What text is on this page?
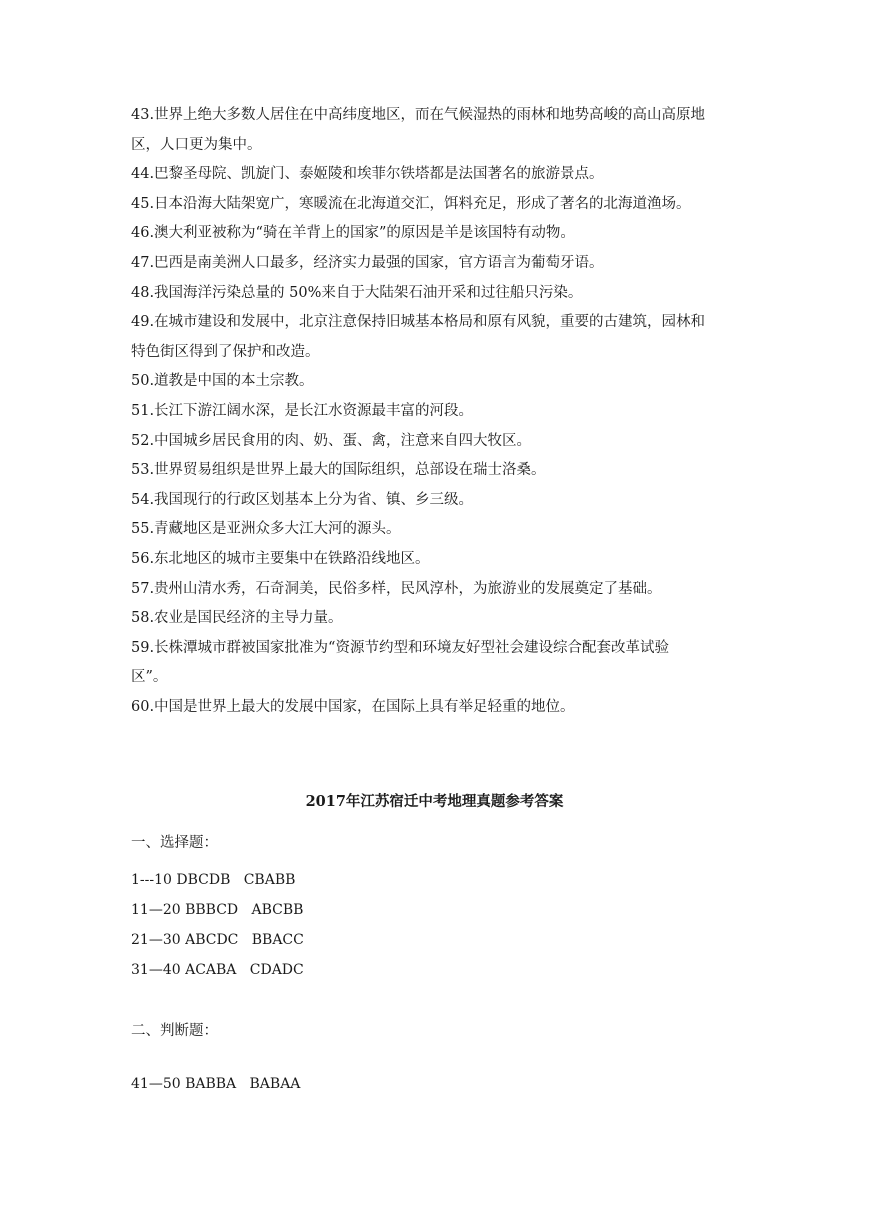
43.世界上绝大多数人居住在中高纬度地区，而在气候湿热的雨林和地势高峻的高山高原地

区，人口更为集中。

44.巴黎圣母院、凯旋门、泰姬陵和埃菲尔铁塔都是法国著名的旅游景点。

45.日本沿海大陆架宽广，寒暖流在北海道交汇，饵料充足，形成了著名的北海道渔场。

46.澳大利亚被称为“骑在羊背上的国家”的原因是羊是该国特有动物。

47.巴西是南美洲人口最多，经济实力最强的国家，官方语言为葡萄牙语。

48.我国海洋污染总量的 50%来自于大陆架石油开采和过往船只污染。

49.在城市建设和发展中，北京注意保持旧城基本格局和原有风貌，重要的古建筑，园林和

特色街区得到了保护和改造。

50.道教是中国的本土宗教。

51.长江下游江阔水深，是长江水资源最丰富的河段。

52.中国城乡居民食用的肉、奶、蛋、禽，注意来自四大牧区。

53.世界贸易组织是世界上最大的国际组织，总部设在瑞士洛桑。

54.我国现行的行政区划基本上分为省、镇、乡三级。

55.青藏地区是亚洲众多大江大河的源头。

56.东北地区的城市主要集中在铁路沿线地区。

57.贵州山清水秀，石奇洞美，民俗多样，民风淳朴，为旅游业的发展奠定了基础。

58.农业是国民经济的主导力量。

59.长株潭城市群被国家批准为“资源节约型和环境友好型社会建设综合配套改革试验

区”。

60.中国是世界上最大的发展中国家，在国际上具有举足轻重的地位。

2017年江苏宿迁中考地理真题参考答案

一、选择题：

1---10 DBCDB   CBABB

11—20 BBBCD   ABCBB

21—30 ABCDC   BBACC

31—40 ACABA   CDADC

二、判断题：

41—50 BABBA   BABAA
